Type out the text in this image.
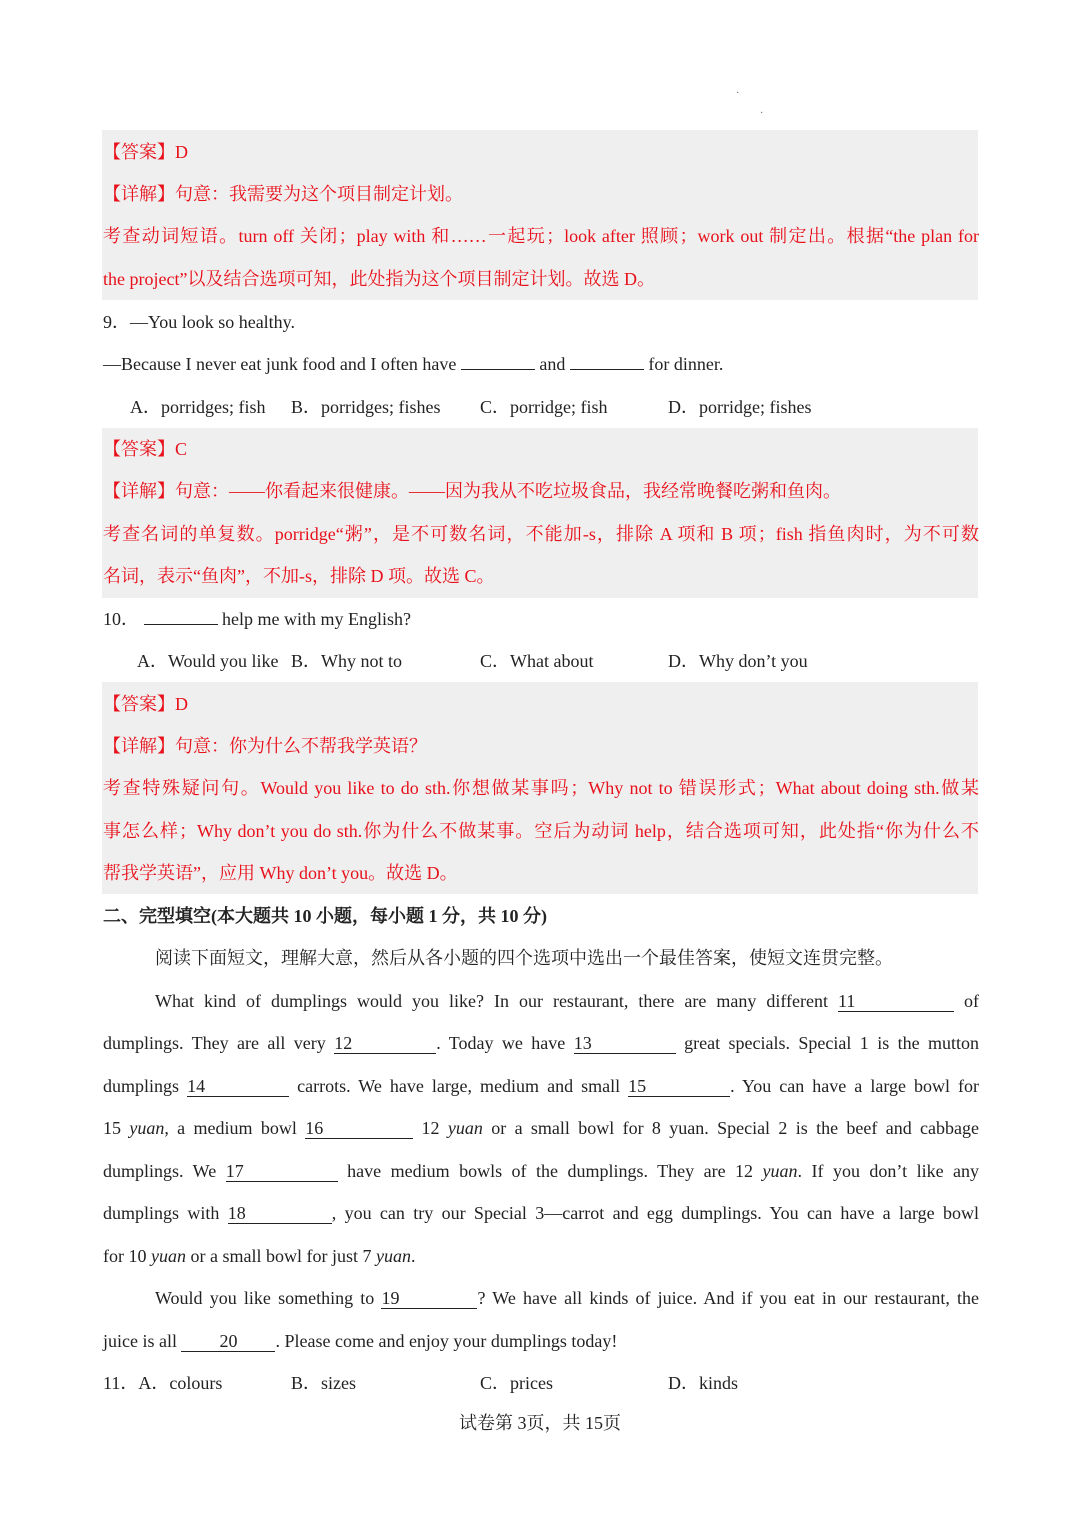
·
·
【答案】D
【详解】句意：我需要为这个项目制定计划。
考查动词短语。turn off 关闭；play with 和……一起玩；look after 照顾；work out 制定出。根据“the plan for
the project”以及结合选项可知，此处指为这个项目制定计划。故选 D。
9．—You look so healthy.
—Because I never eat junk food and I often have	and	for dinner.
A．porridges; fish B．porridges; fishes C．porridge; fish	D．porridge; fishes
【答案】C
【详解】句意：——你看起来很健康。——因为我从不吃垃圾食品，我经常晚餐吃粥和鱼肉。
考查名词的单复数。porridge“粥”，是不可数名词，不能加-s，排除 A 项和 B 项；fish 指鱼肉时，为不可数
名词，表示“鱼肉”，不加-s，排除 D 项。故选 C。
10．	help me with my English?
A．Would you like B．Why not to	C．What about	D．Why don’t you
【答案】D
【详解】句意：你为什么不帮我学英语？
考查特殊疑问句。Would you like to do sth.你想做某事吗；Why not to 错误形式；What about doing sth.做某
事怎么样；Why don’t you do sth.你为什么不做某事。空后为动词 help，结合选项可知，此处指“你为什么不
帮我学英语”，应用 Why don’t you。故选 D。
二、完型填空(本大题共 10 小题，每小题 1 分，共 10 分)
阅读下面短文，理解大意，然后从各小题的四个选项中选出一个最佳答案，使短文连贯完整。
What kind of dumplings would you like? In our restaurant, there are many different 11	of
dumplings. They are all very 12	. Today we have 13	great specials. Special 1 is the mutton
dumplings 14	carrots. We have large, medium and small 15	. You can have a large bowl for
15 yuan, a medium bowl 16	12 yuan or a small bowl for 8 yuan. Special 2 is the beef and cabbage
dumplings. We 17	have medium bowls of the dumplings. They are 12 yuan. If you don’t like any
dumplings with 18	, you can try our Special 3—carrot and egg dumplings. You can have a large bowl
for 10 yuan or a small bowl for just 7 yuan.
Would you like something to 19	? We have all kinds of juice. And if you eat in our restaurant, the
juice is all 20 . Please come and enjoy your dumplings today!
11．A．colours	B．sizes	C．prices	D．kinds
试卷第 3页，共 15页
